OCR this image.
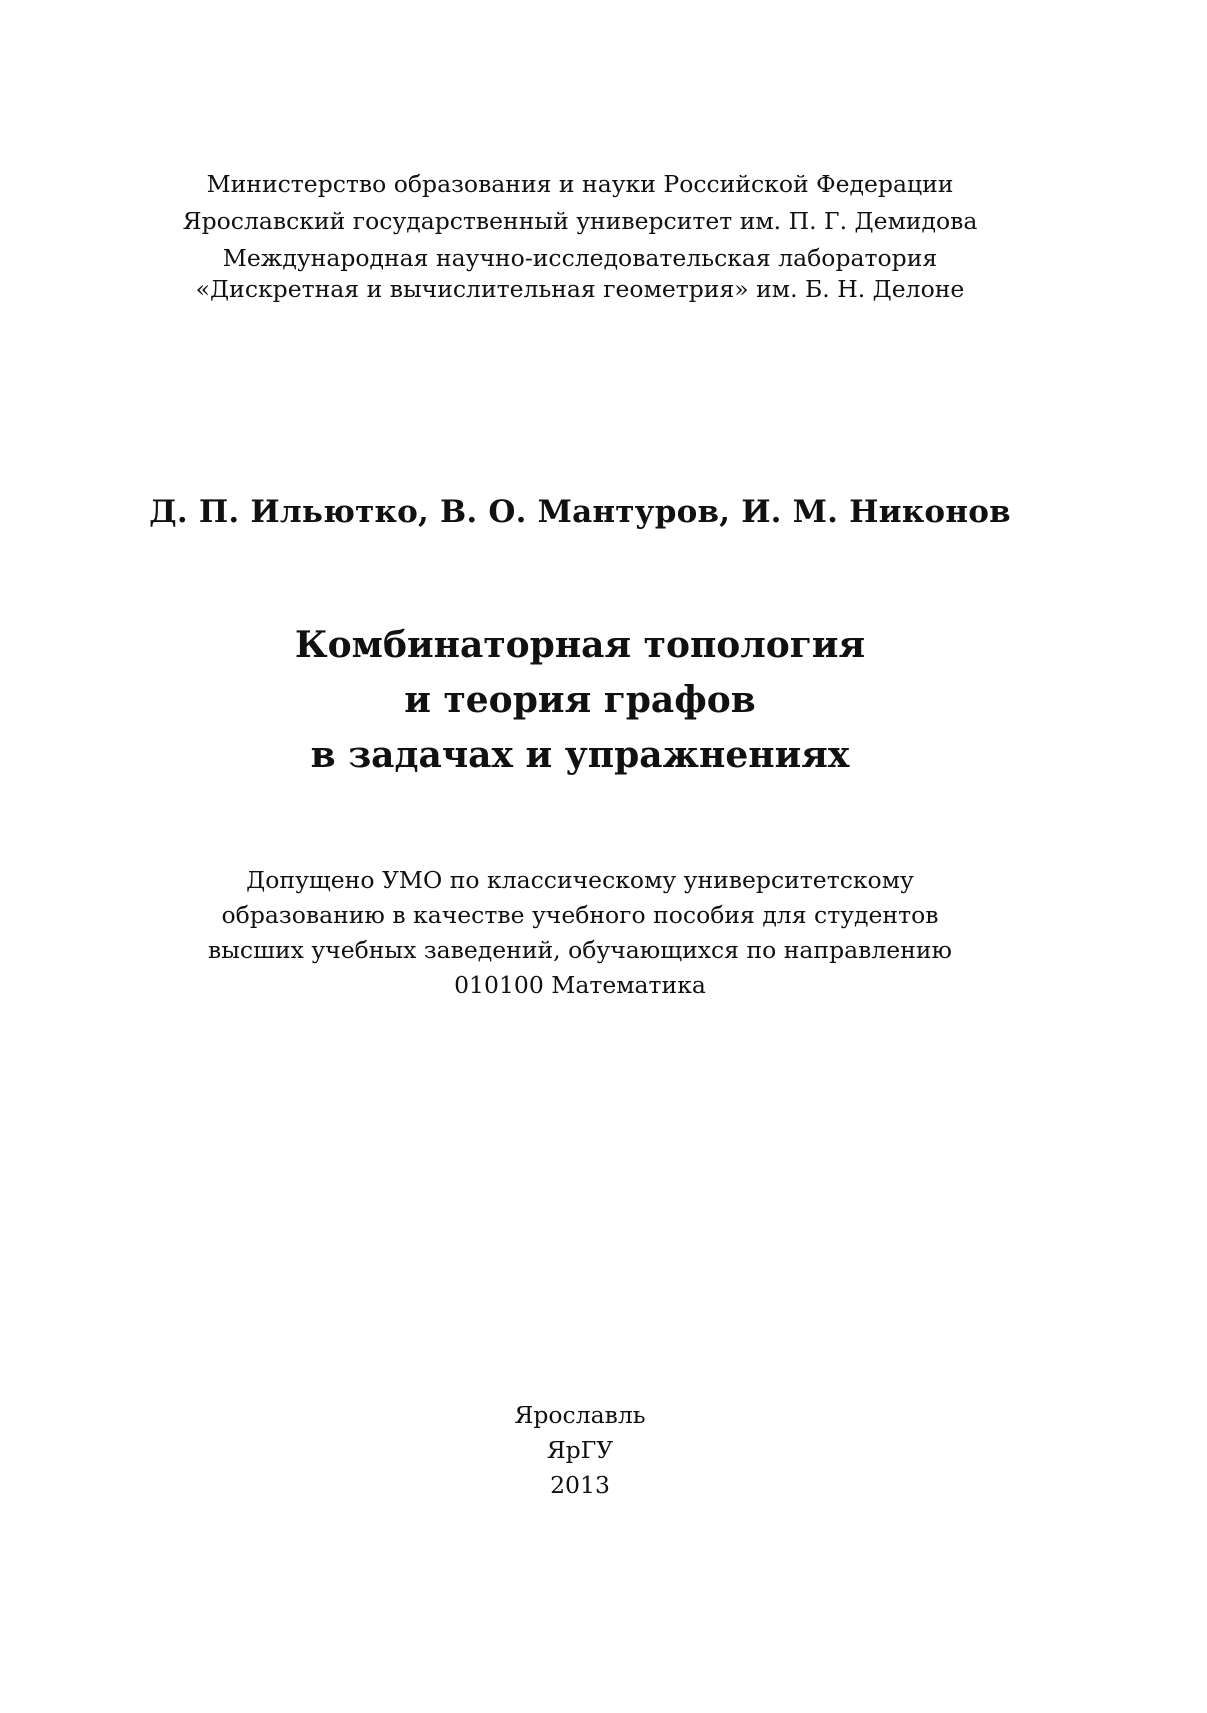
Министерство образования и науки Российской Федерации
Ярославский государственный университет им. П. Г. Демидова
Международная научно-исследовательская лаборатория
«Дискретная и вычислительная геометрия» им. Б. Н. Делоне
Д. П. Ильютко, В. О. Мантуров, И. М. Никонов
Комбинаторная топология
и теория графов
в задачах и упражнениях
Допущено УМО по классическому университетскому
образованию в качестве учебного пособия для студентов
высших учебных заведений, обучающихся по направлению
010100 Математика
Ярославль
ЯрГУ
2013
